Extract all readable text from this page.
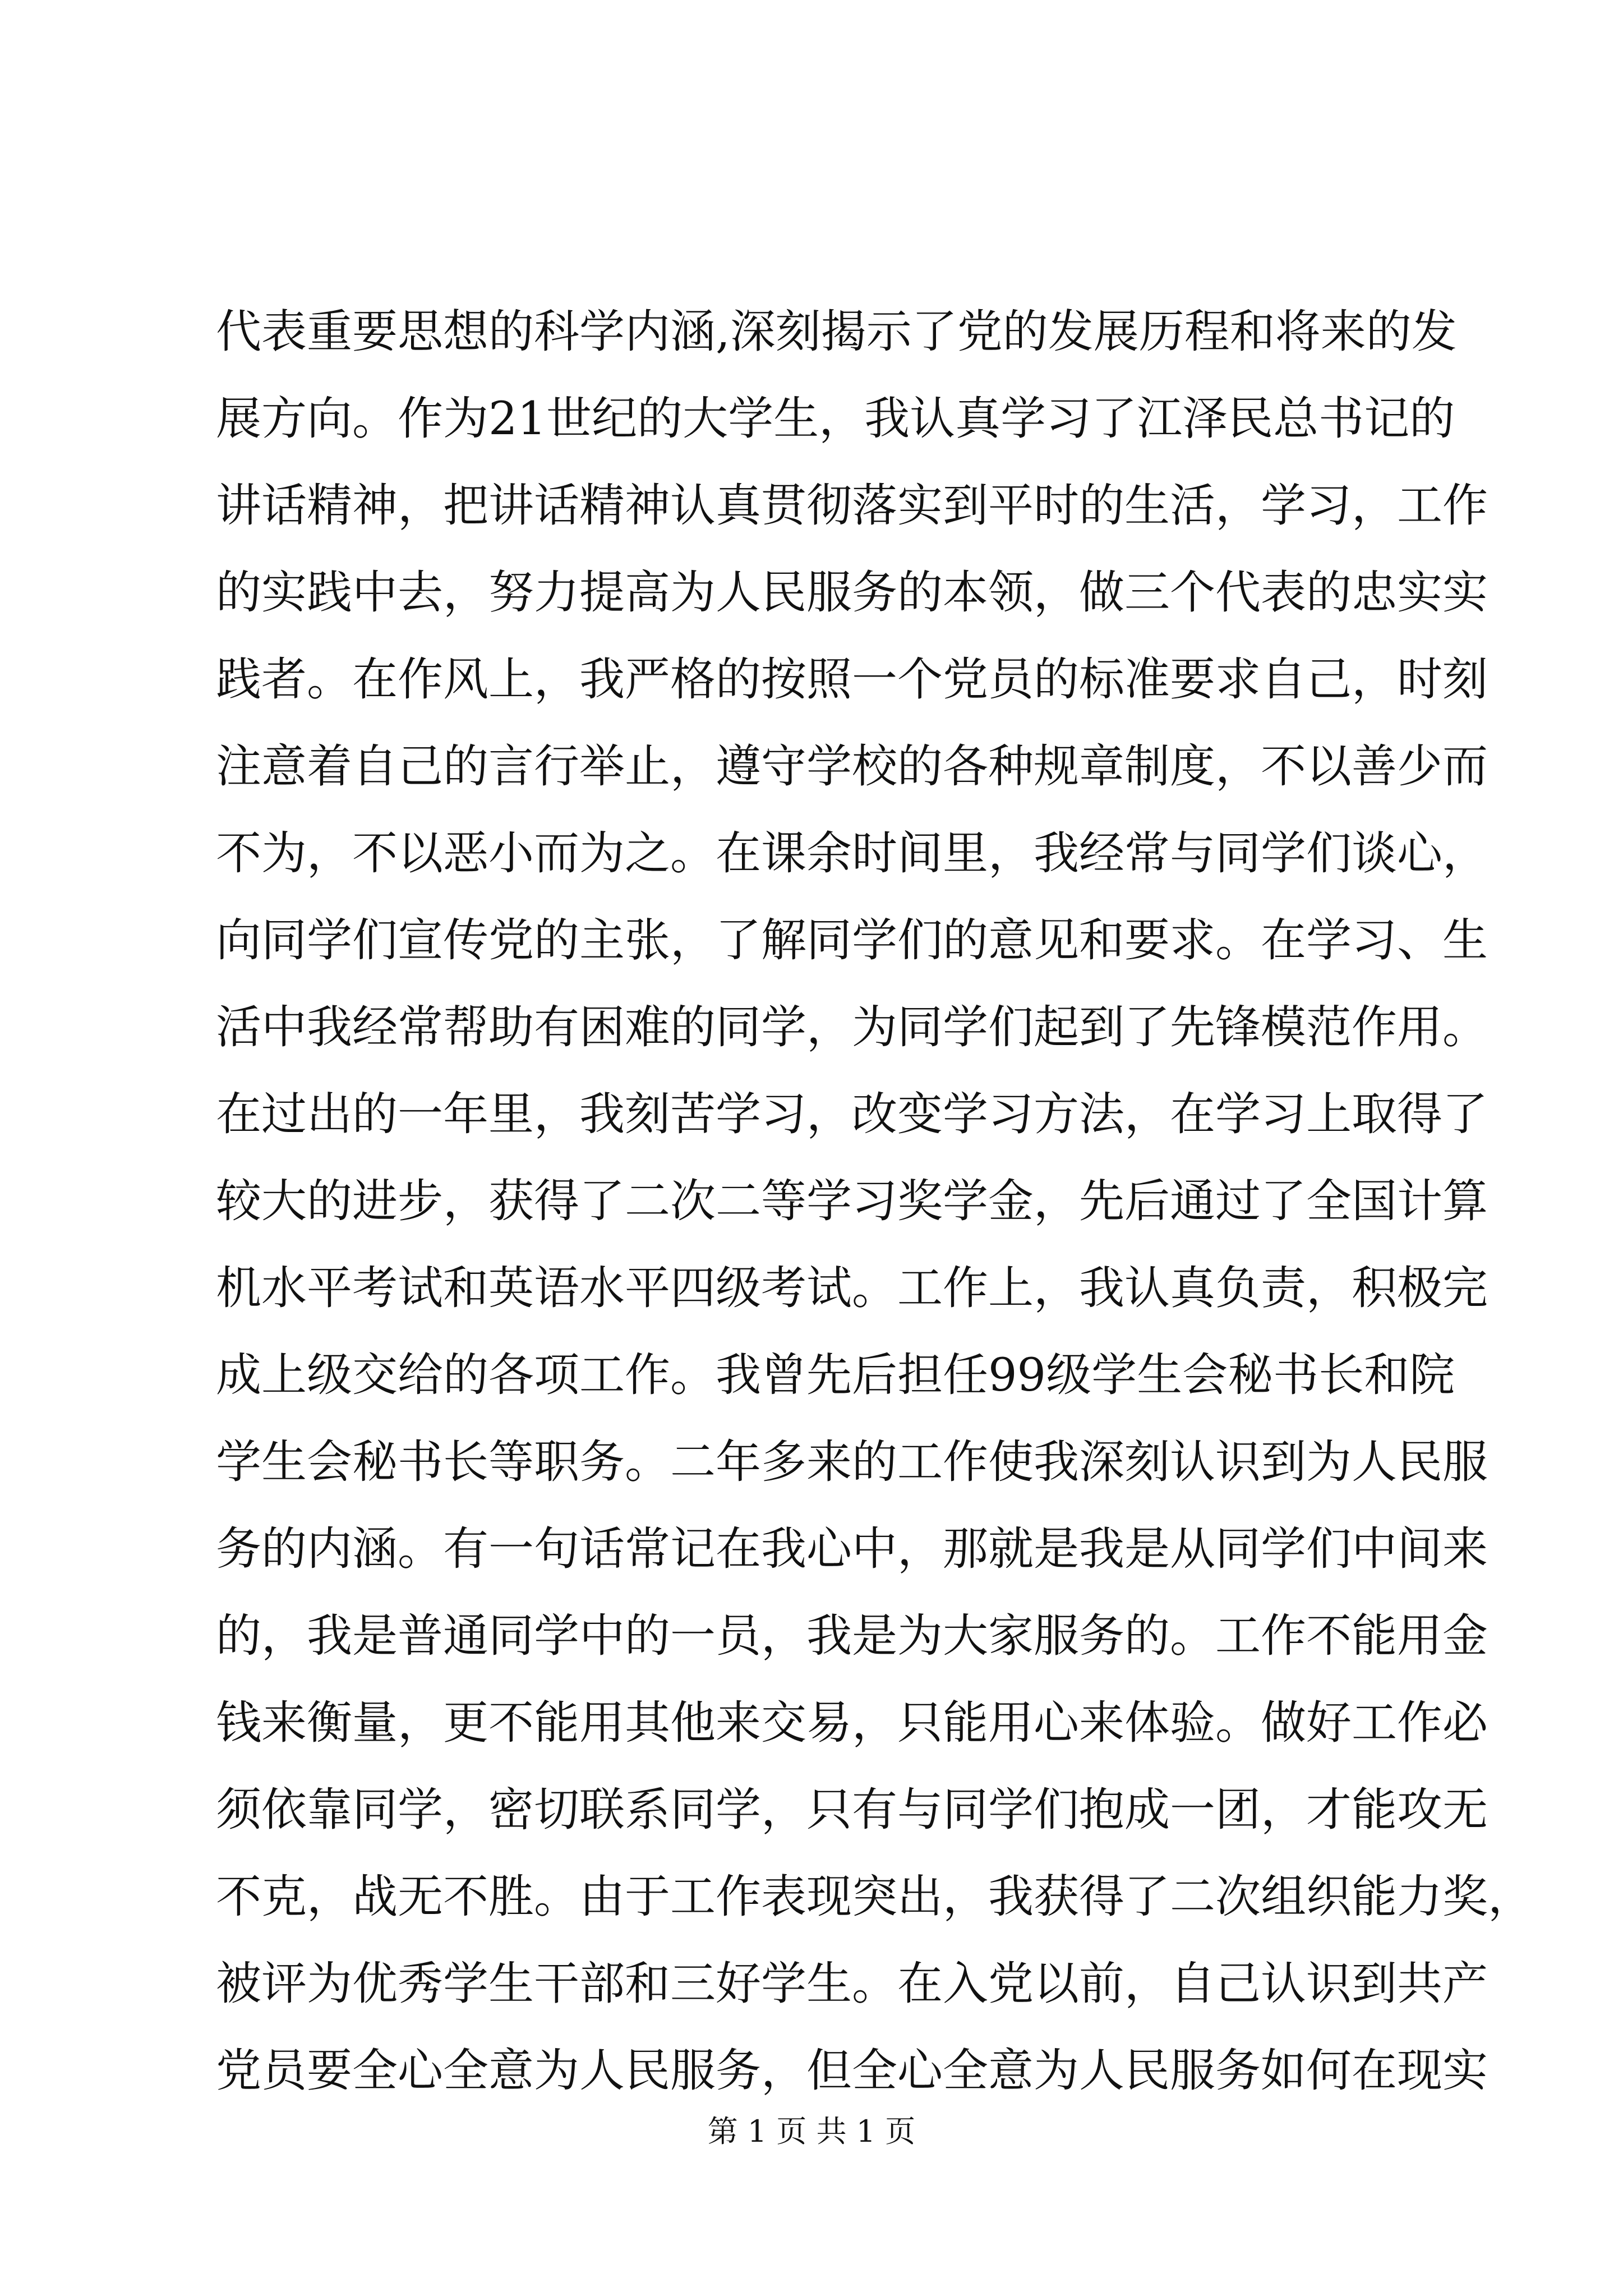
代表重要思想的科学内涵,深刻揭示了党的发展历程和将来的发
展方向。作为21世纪的大学生，我认真学习了江泽民总书记的
讲话精神，把讲话精神认真贯彻落实到平时的生活，学习，工作
的实践中去，努力提高为人民服务的本领，做三个代表的忠实实
践者。在作风上，我严格的按照一个党员的标准要求自己，时刻
注意着自己的言行举止，遵守学校的各种规章制度，不以善少而
不为，不以恶小而为之。在课余时间里，我经常与同学们谈心，
向同学们宣传党的主张，了解同学们的意见和要求。在学习、生
活中我经常帮助有困难的同学，为同学们起到了先锋模范作用。
在过出的一年里，我刻苦学习，改变学习方法，在学习上取得了
较大的进步，获得了二次二等学习奖学金，先后通过了全国计算
机水平考试和英语水平四级考试。工作上，我认真负责，积极完
成上级交给的各项工作。我曾先后担任99级学生会秘书长和院
学生会秘书长等职务。二年多来的工作使我深刻认识到为人民服
务的内涵。有一句话常记在我心中，那就是我是从同学们中间来
的，我是普通同学中的一员，我是为大家服务的。工作不能用金
钱来衡量，更不能用其他来交易，只能用心来体验。做好工作必
须依靠同学，密切联系同学，只有与同学们抱成一团，才能攻无
不克，战无不胜。由于工作表现突出，我获得了二次组织能力奖，
被评为优秀学生干部和三好学生。在入党以前，自己认识到共产
党员要全心全意为人民服务，但全心全意为人民服务如何在现实
第 1 页 共 1 页
